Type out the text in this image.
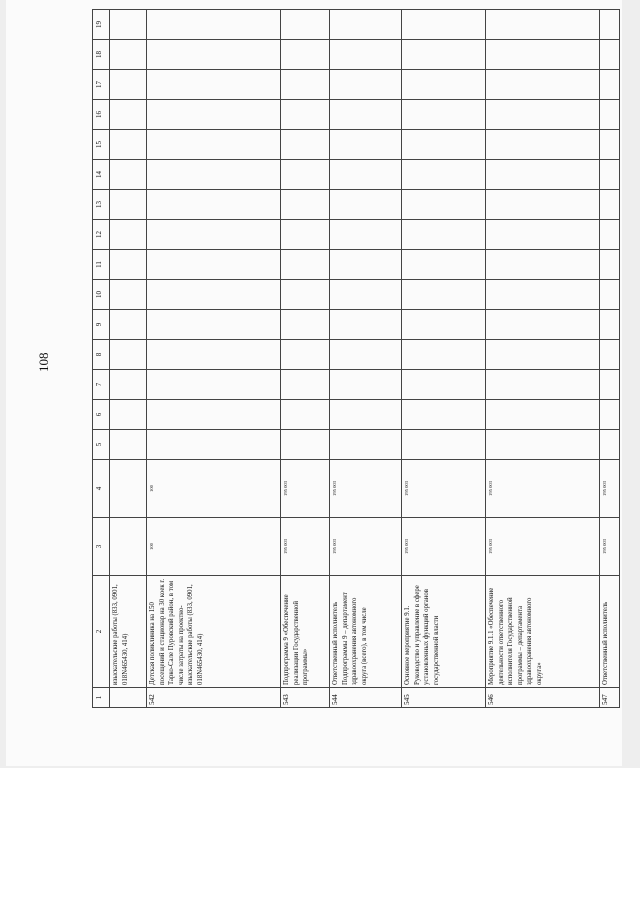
108
1	2	3	4	5	6	7	8	9	10	11	12	13	14	15	16	17	18	19
	изыскательские работы (833, 0901, 018N465430, 414)																	
542	Детская поликлиника на 150 посещений и стационар на 30 коек г. Тарко-Сале Пуровский район, в том числе затраты на проектно-изыскательские работы (833, 0901, 018N465430, 414)	100	100															
543	Подпрограмма 9 «Обеспечение реализации Государственной программы»	195 003	195 003															
544	Ответственный исполнитель Подпрограммы 9 – департамент здравоохранения автономного округа (всего), в том числе	195 003	195 003															
545	Основное мероприятие 9.1. Руководство и управление в сфере установленных функций органов государственной власти	195 003	195 003															
546	Мероприятие 9.1.1 «Обеспечение деятельности ответственного исполнителя Государственной программы – департамента здравоохранения автономного округа»	195 003	195 003															
547	Ответственный исполнитель	195 003	195 003															
